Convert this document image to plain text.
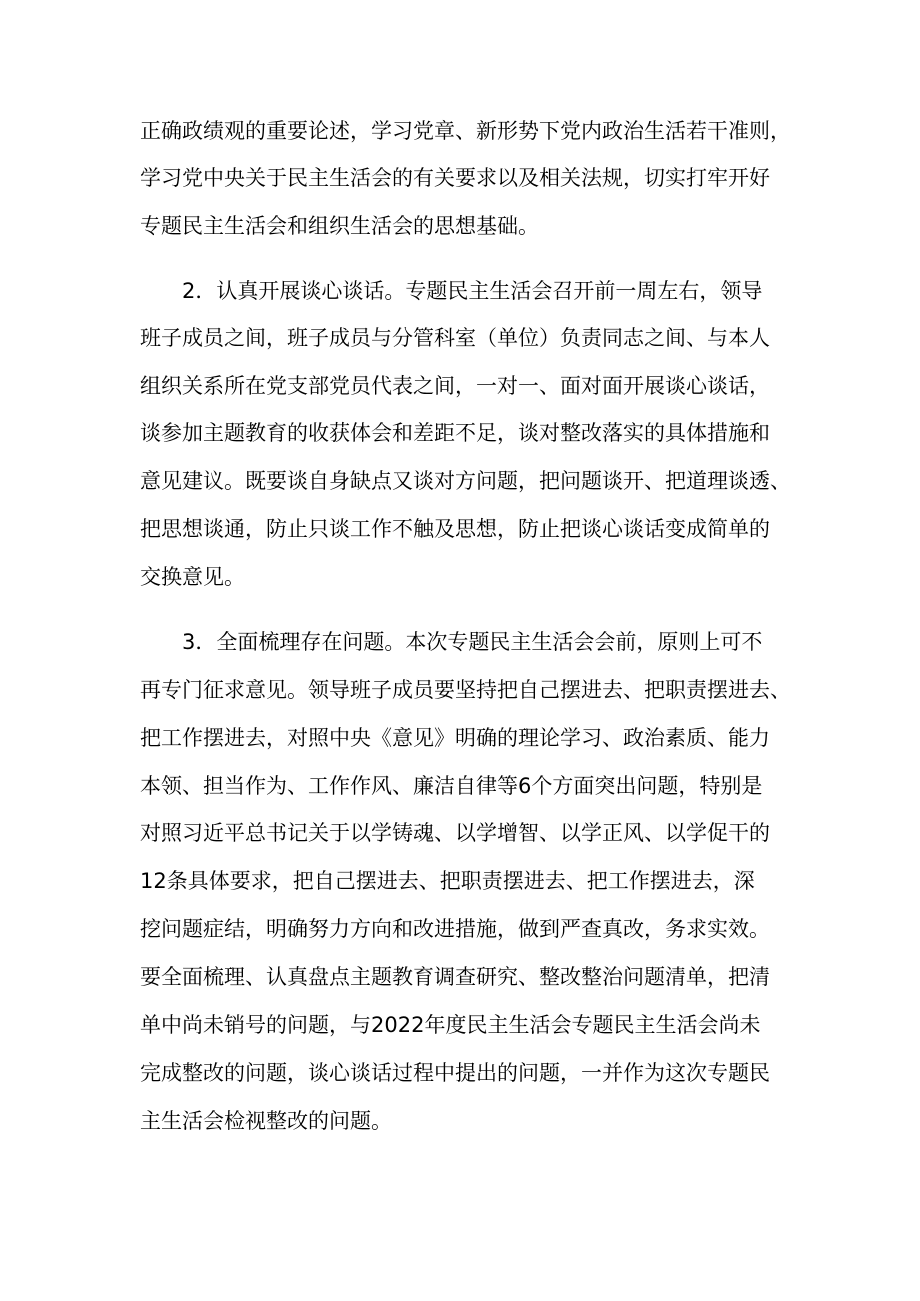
正确政绩观的重要论述，学习党章、新形势下党内政治生活若干准则，
学习党中央关于民主生活会的有关要求以及相关法规，切实打牢开好
专题民主生活会和组织生活会的思想基础。
2．认真开展谈心谈话。专题民主生活会召开前一周左右，领导
班子成员之间，班子成员与分管科室（单位）负责同志之间、与本人
组织关系所在党支部党员代表之间，一对一、面对面开展谈心谈话，
谈参加主题教育的收获体会和差距不足，谈对整改落实的具体措施和
意见建议。既要谈自身缺点又谈对方问题，把问题谈开、把道理谈透、
把思想谈通，防止只谈工作不触及思想，防止把谈心谈话变成简单的
交换意见。
3．全面梳理存在问题。本次专题民主生活会会前，原则上可不
再专门征求意见。领导班子成员要坚持把自己摆进去、把职责摆进去、
把工作摆进去，对照中央《意见》明确的理论学习、政治素质、能力
本领、担当作为、工作作风、廉洁自律等6个方面突出问题，特别是
对照习近平总书记关于以学铸魂、以学增智、以学正风、以学促干的
12条具体要求，把自己摆进去、把职责摆进去、把工作摆进去，深
挖问题症结，明确努力方向和改进措施，做到严查真改，务求实效。
要全面梳理、认真盘点主题教育调查研究、整改整治问题清单，把清
单中尚未销号的问题，与2022年度民主生活会专题民主生活会尚未
完成整改的问题，谈心谈话过程中提出的问题，一并作为这次专题民
主生活会检视整改的问题。
